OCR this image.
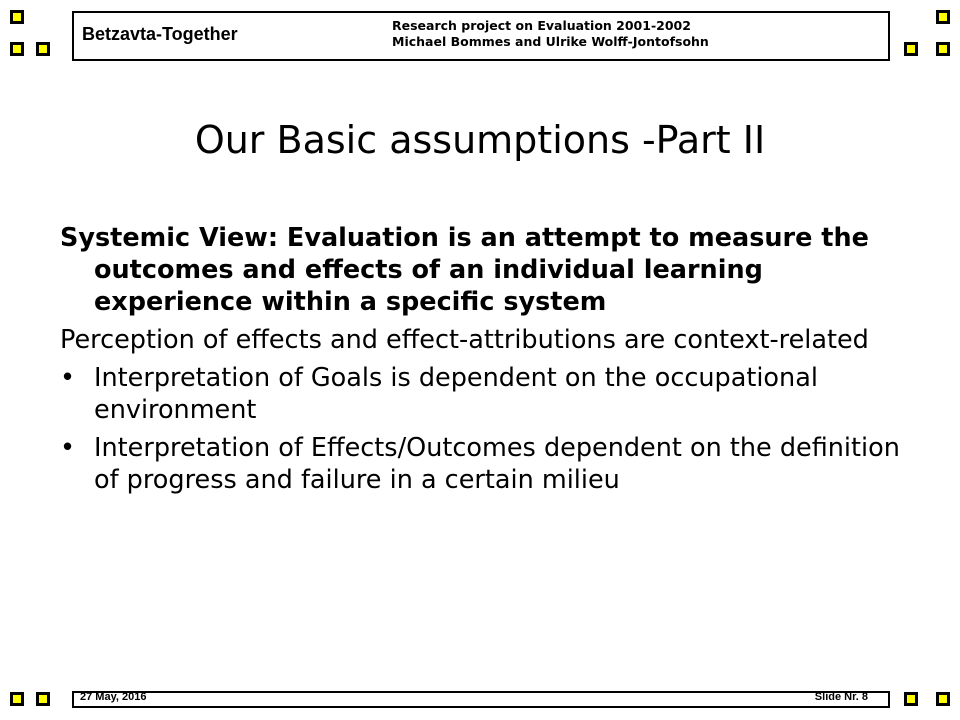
Betzavta-Together	Research project on Evaluation 2001-2002
Michael Bommes and Ulrike Wolff-Jontofsohn
Our Basic assumptions -Part II
Systemic View: Evaluation is an attempt to measure the outcomes and effects of an individual learning experience within a specific system
Perception of effects and effect-attributions are context-related
• Interpretation of Goals is dependent on the occupational environment
• Interpretation of Effects/Outcomes dependent on the definition of progress and failure in a certain milieu
27 May, 2016	Slide Nr. 8
